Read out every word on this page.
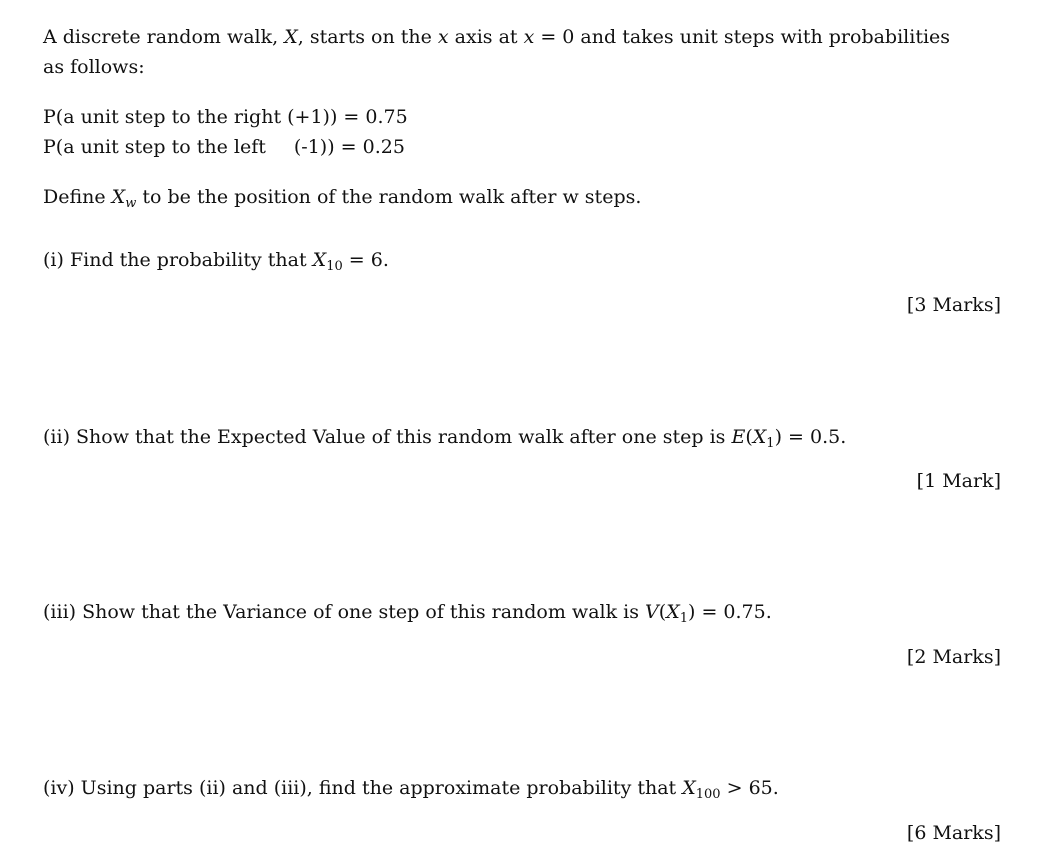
A discrete random walk, X, starts on the x axis at x = 0 and takes unit steps with probabilities
as follows:
P(a unit step to the right (+1)) = 0.75
P(a unit step to the left (-1)) = 0.25
Define $X_w$ to be the position of the random walk after w steps.
(i) Find the probability that $X_{10} = 6$.
[3 Marks]
(ii) Show that the Expected Value of this random walk after one step is $E(X_1) = 0.5$.
[1 Mark]
(iii) Show that the Variance of one step of this random walk is $V(X_1) = 0.75$.
[2 Marks]
(iv) Using parts (ii) and (iii), find the approximate probability that $X_{100} > 65$.
[6 Marks]
